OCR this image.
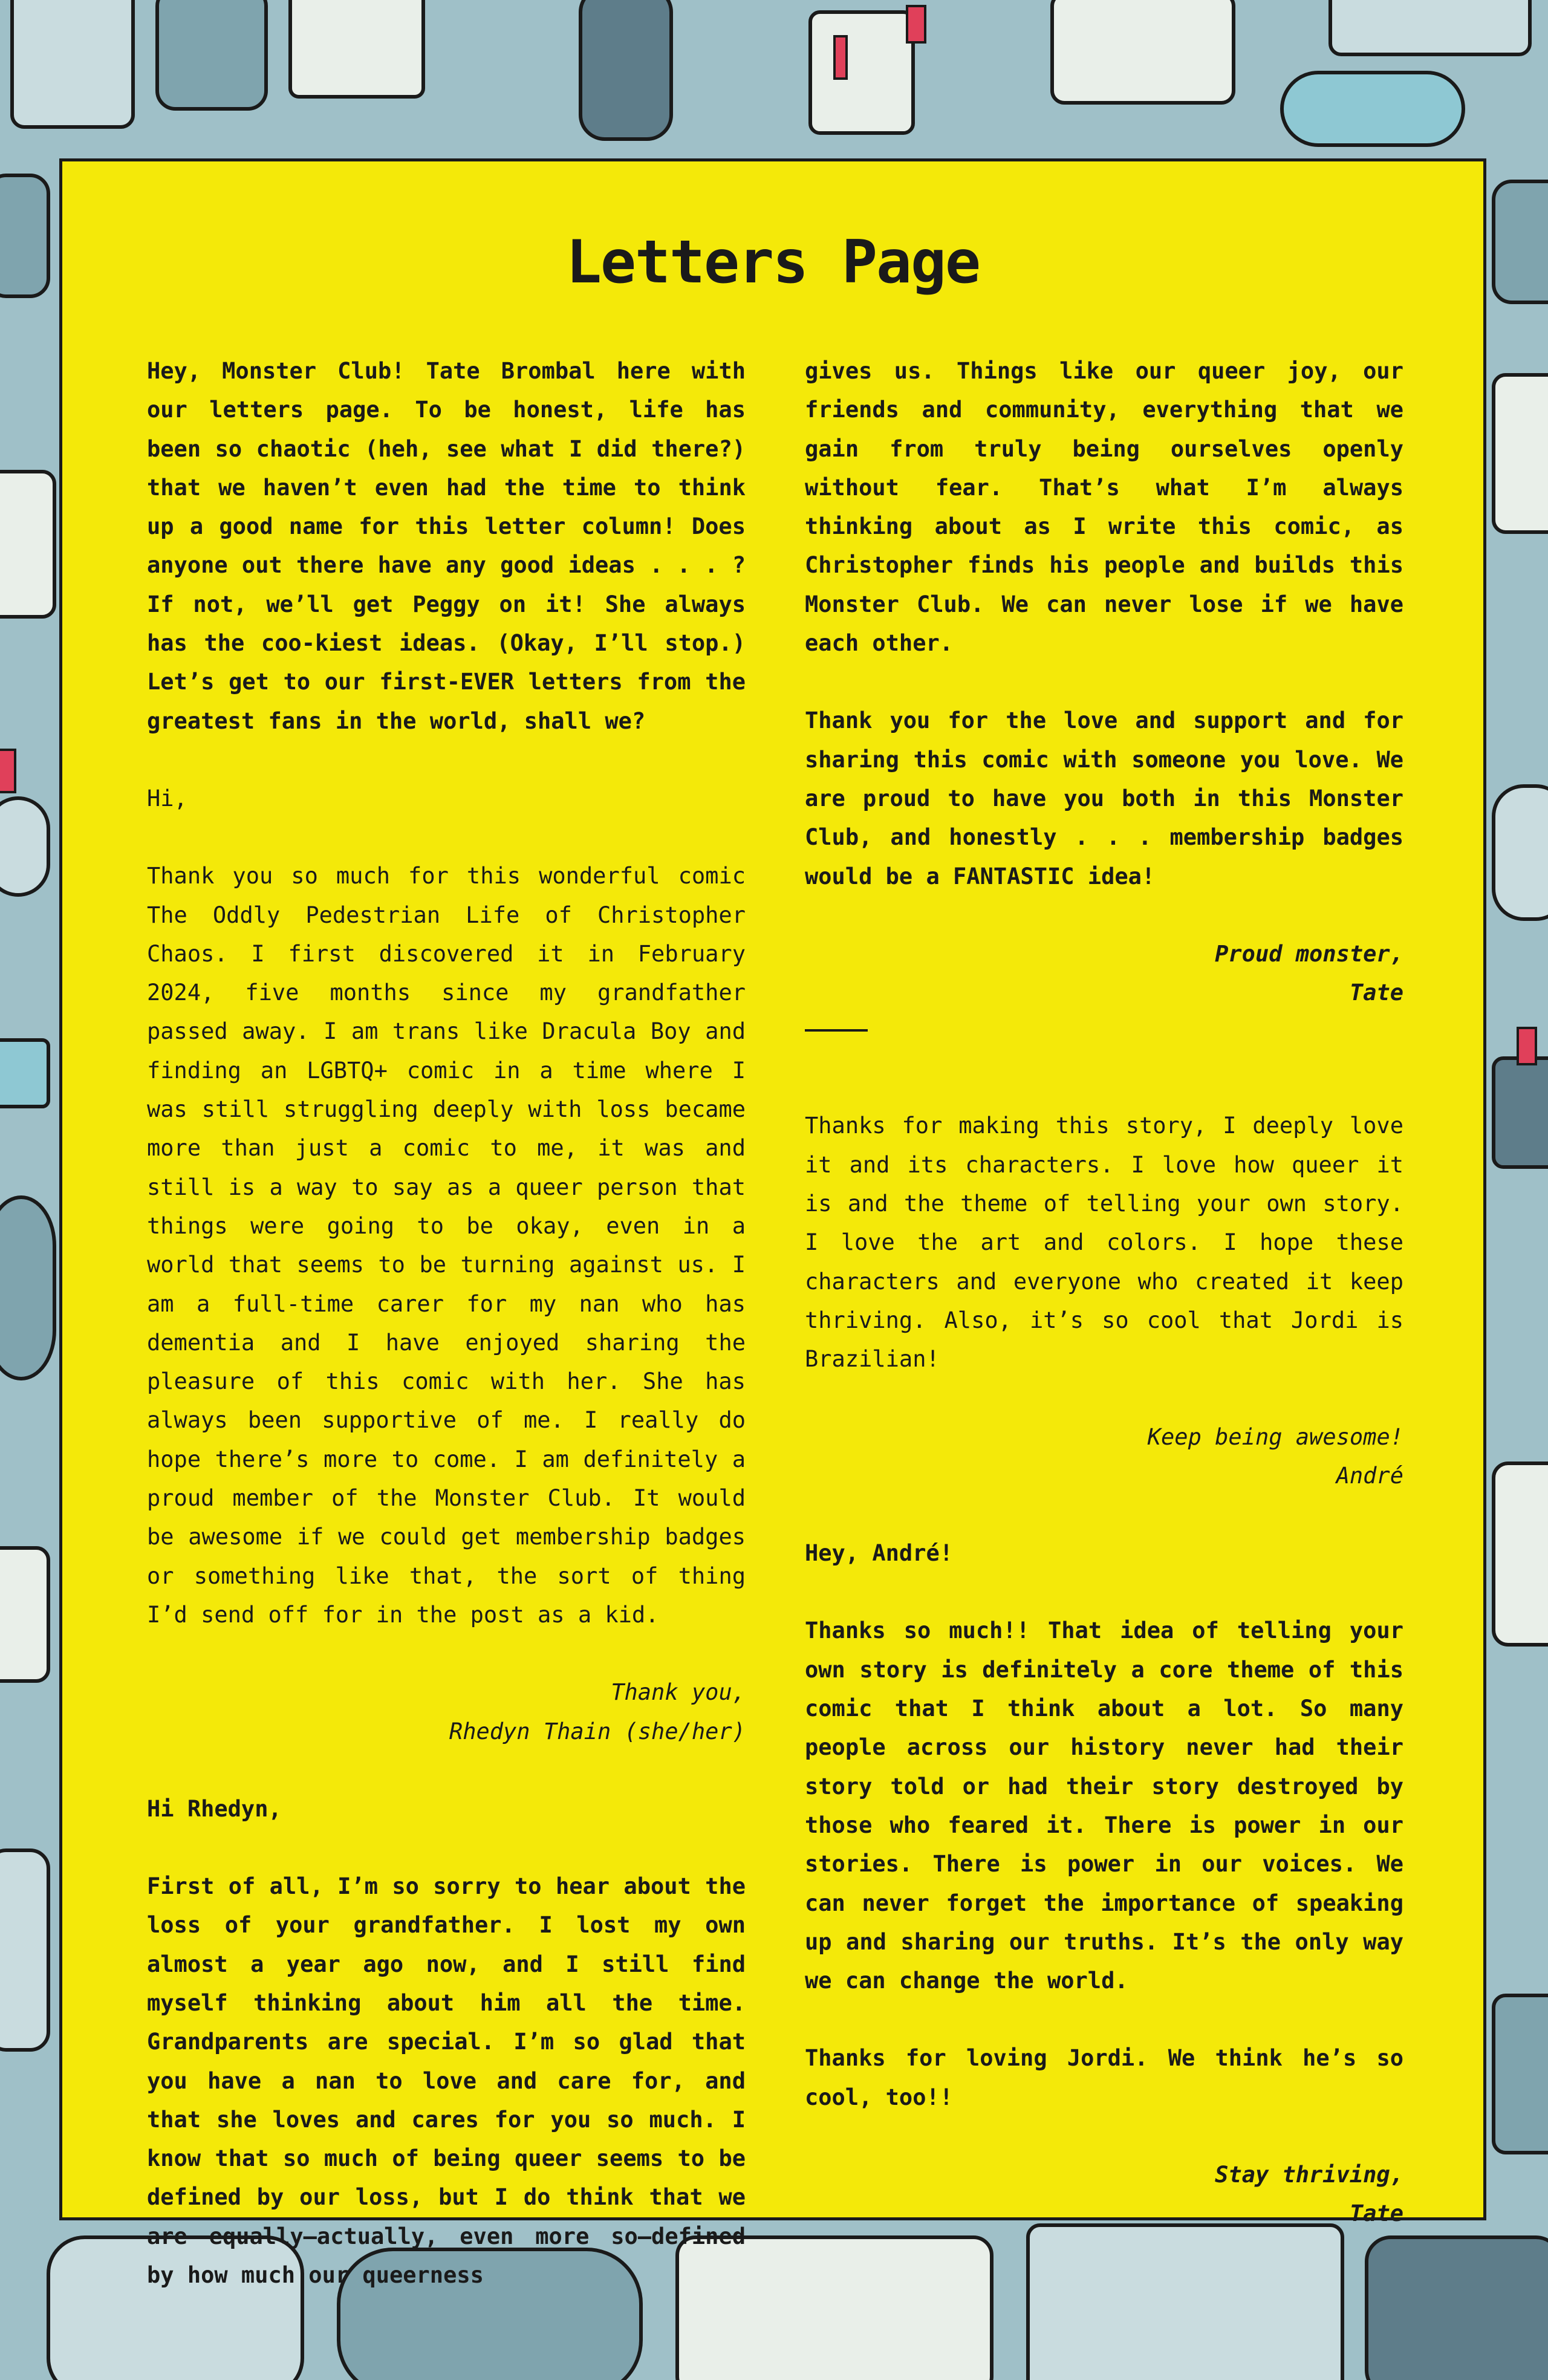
Letters Page

Hey, Monster Club! Tate Brombal here with our letters page. To be honest, life has been so chaotic (heh, see what I did there?) that we haven’t even had the time to think up a good name for this letter column! Does anyone out there have any good ideas . . . ? If not, we’ll get Peggy on it! She always has the coo-kiest ideas. (Okay, I’ll stop.) Let’s get to our first-EVER letters from the greatest fans in the world, shall we?

Hi,

Thank you so much for this wonderful comic The Oddly Pedestrian Life of Christopher Chaos. I first discovered it in February 2024, five months since my grandfather passed away. I am trans like Dracula Boy and finding an LGBTQ+ comic in a time where I was still struggling deeply with loss became more than just a comic to me, it was and still is a way to say as a queer person that things were going to be okay, even in a world that seems to be turning against us. I am a full-time carer for my nan who has dementia and I have enjoyed sharing the pleasure of this comic with her. She has always been supportive of me. I really do hope there’s more to come. I am definitely a proud member of the Monster Club. It would be awesome if we could get membership badges or something like that, the sort of thing I’d send off for in the post as a kid.

Thank you,

Rhedyn Thain (she/her)

Hi Rhedyn,

First of all, I’m so sorry to hear about the loss of your grandfather. I lost my own almost a year ago now, and I still find myself thinking about him all the time. Grandparents are special. I’m so glad that you have a nan to love and care for, and that she loves and cares for you so much. I know that so much of being queer seems to be defined by our loss, but I do think that we are equally—actually, even more so—defined by how much our queerness

gives us. Things like our queer joy, our friends and community, everything that we gain from truly being ourselves openly without fear. That’s what I’m always thinking about as I write this comic, as Christopher finds his people and builds this Monster Club. We can never lose if we have each other.

Thank you for the love and support and for sharing this comic with someone you love. We are proud to have you both in this Monster Club, and honestly . . . membership badges would be a FANTASTIC idea!

Proud monster,

Tate

Thanks for making this story, I deeply love it and its characters. I love how queer it is and the theme of telling your own story. I love the art and colors. I hope these characters and everyone who created it keep thriving. Also, it’s so cool that Jordi is Brazilian!

Keep being awesome!

André

Hey, André!

Thanks so much!! That idea of telling your own story is definitely a core theme of this comic that I think about a lot. So many people across our history never had their story told or had their story destroyed by those who feared it. There is power in our stories. There is power in our voices. We can never forget the importance of speaking up and sharing our truths. It’s the only way we can change the world.

Thanks for loving Jordi. We think he’s so cool, too!!

Stay thriving,

Tate
